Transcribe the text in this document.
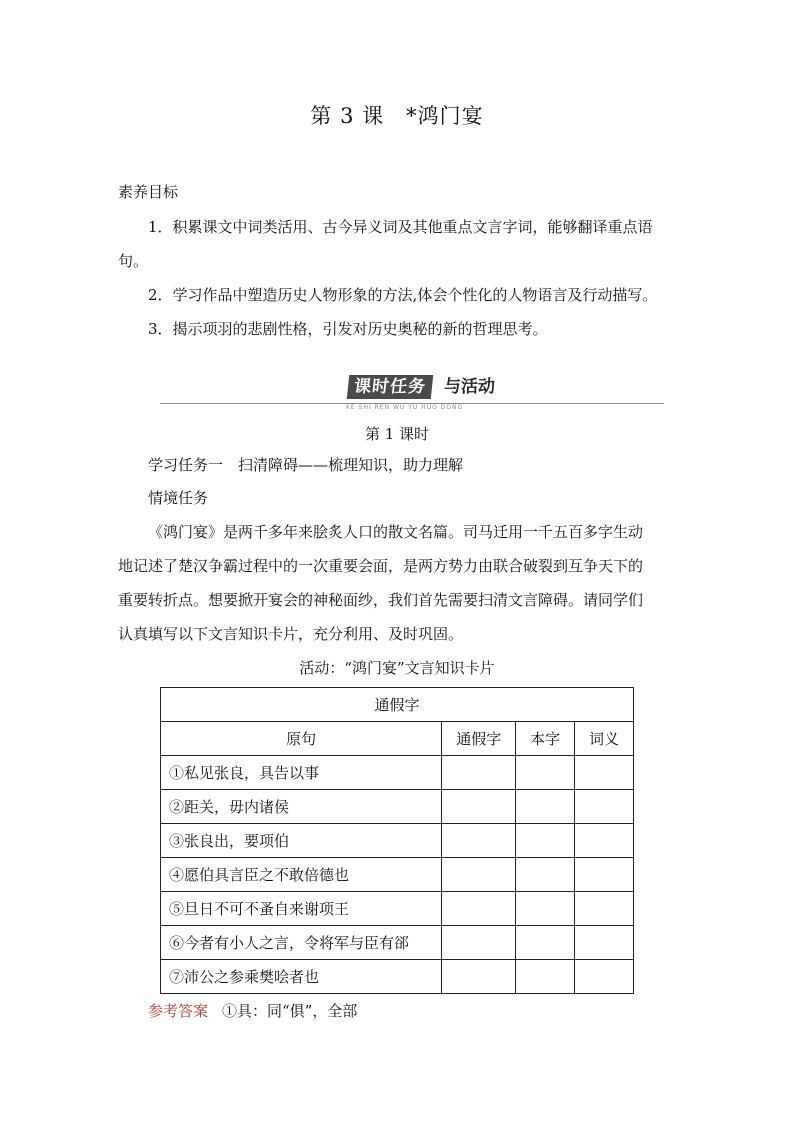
第 3 课　*鸿门宴
素养目标
1．积累课文中词类活用、古今异义词及其他重点文言字词，能够翻译重点语
句。
2．学习作品中塑造历史人物形象的方法,体会个性化的人物语言及行动描写。
3．揭示项羽的悲剧性格，引发对历史奥秘的新的哲理思考。
课时任务 与活动
KE SHI REN WU YU HUO DONG
第 1 课时
学习任务一　扫清障碍——梳理知识，助力理解
情境任务
《鸿门宴》是两千多年来脍炙人口的散文名篇。司马迁用一千五百多字生动
地记述了楚汉争霸过程中的一次重要会面，是两方势力由联合破裂到互争天下的
重要转折点。想要掀开宴会的神秘面纱，我们首先需要扫清文言障碍。请同学们
认真填写以下文言知识卡片，充分利用、及时巩固。
活动：“鸿门宴”文言知识卡片
通假字			
原句	通假字	本字	词义
①私见张良，具告以事			
②距关，毋内诸侯			
③张良出，要项伯			
④愿伯具言臣之不敢倍德也			
⑤旦日不可不蚤自来谢项王			
⑥今者有小人之言，令将军与臣有郤			
⑦沛公之参乘樊哙者也			
参考答案 ①具：同“俱”，全部
